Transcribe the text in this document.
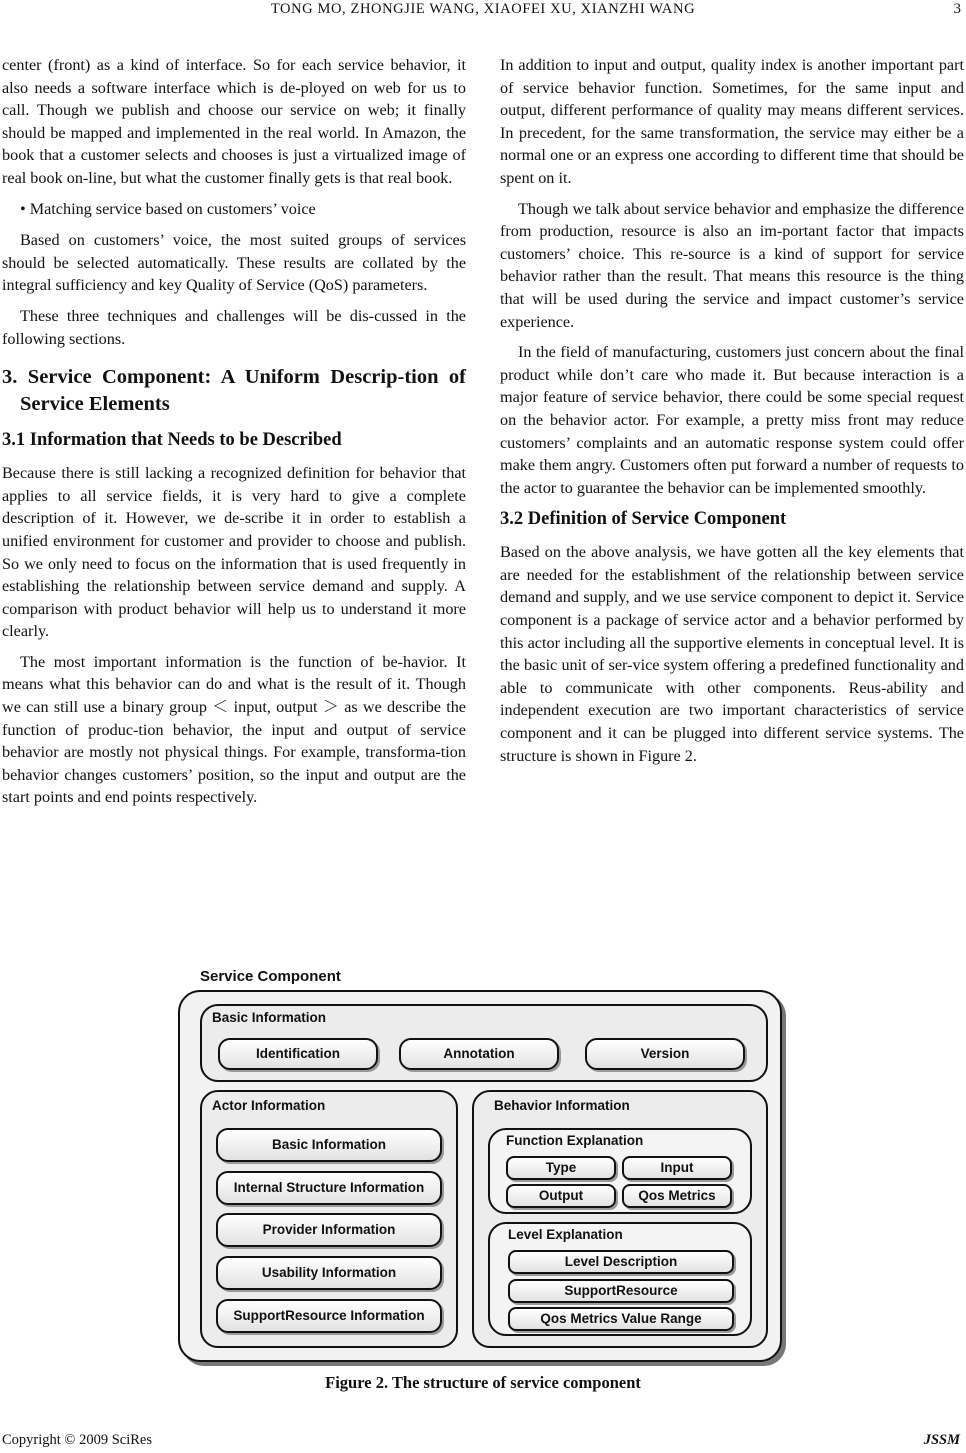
TONG MO, ZHONGJIE WANG, XIAOFEI XU, XIANZHI WANG	3

center (front) as a kind of interface. So for each service behavior, it also needs a software interface which is de-ployed on web for us to call. Though we publish and choose our service on web; it finally should be mapped and implemented in the real world. In Amazon, the book that a customer selects and chooses is just a virtualized image of real book on-line, but what the customer finally gets is that real book.

• Matching service based on customers’ voice

Based on customers’ voice, the most suited groups of services should be selected automatically. These results are collated by the integral sufficiency and key Quality of Service (QoS) parameters.

These three techniques and challenges will be dis-cussed in the following sections.

3. Service Component: A Uniform Descrip-tion of Service Elements
3.1 Information that Needs to be Described

Because there is still lacking a recognized definition for behavior that applies to all service fields, it is very hard to give a complete description of it. However, we de-scribe it in order to establish a unified environment for customer and provider to choose and publish. So we only need to focus on the information that is used frequently in establishing the relationship between service demand and supply. A comparison with product behavior will help us to understand it more clearly.

The most important information is the function of be-havior. It means what this behavior can do and what is the result of it. Though we can still use a binary group ＜ input, output ＞ as we describe the function of produc-tion behavior, the input and output of service behavior are mostly not physical things. For example, transforma-tion behavior changes customers’ position, so the input and output are the start points and end points respectively.

In addition to input and output, quality index is another important part of service behavior function. Sometimes, for the same input and output, different performance of quality may means different services. In precedent, for the same transformation, the service may either be a normal one or an express one according to different time that should be spent on it.

Though we talk about service behavior and emphasize the difference from production, resource is also an im-portant factor that impacts customers’ choice. This re-source is a kind of support for service behavior rather than the result. That means this resource is the thing that will be used during the service and impact customer’s service experience.

In the field of manufacturing, customers just concern about the final product while don’t care who made it. But because interaction is a major feature of service behavior, there could be some special request on the behavior actor. For example, a pretty miss front may reduce customers’ complaints and an automatic response system could offer make them angry. Customers often put forward a number of requests to the actor to guarantee the behavior can be implemented smoothly.

3.2 Definition of Service Component

Based on the above analysis, we have gotten all the key elements that are needed for the establishment of the relationship between service demand and supply, and we use service component to depict it. Service component is a package of service actor and a behavior performed by this actor including all the supportive elements in conceptual level. It is the basic unit of ser-vice system offering a predefined functionality and able to communicate with other components. Reus-ability and independent execution are two important characteristics of service component and it can be plugged into different service systems. The structure is shown in Figure 2.

Service Component
Basic Information
Identification	Annotation	Version
Actor Information
Basic Information
Internal Structure Information
Provider Information
Usability Information
SupportResource Information
Behavior Information
Function Explanation
Type	Input
Output	Qos Metrics
Level Explanation
Level Description
SupportResource
Qos Metrics Value Range
Figure 2. The structure of service component
Copyright © 2009 SciRes	JSSM
